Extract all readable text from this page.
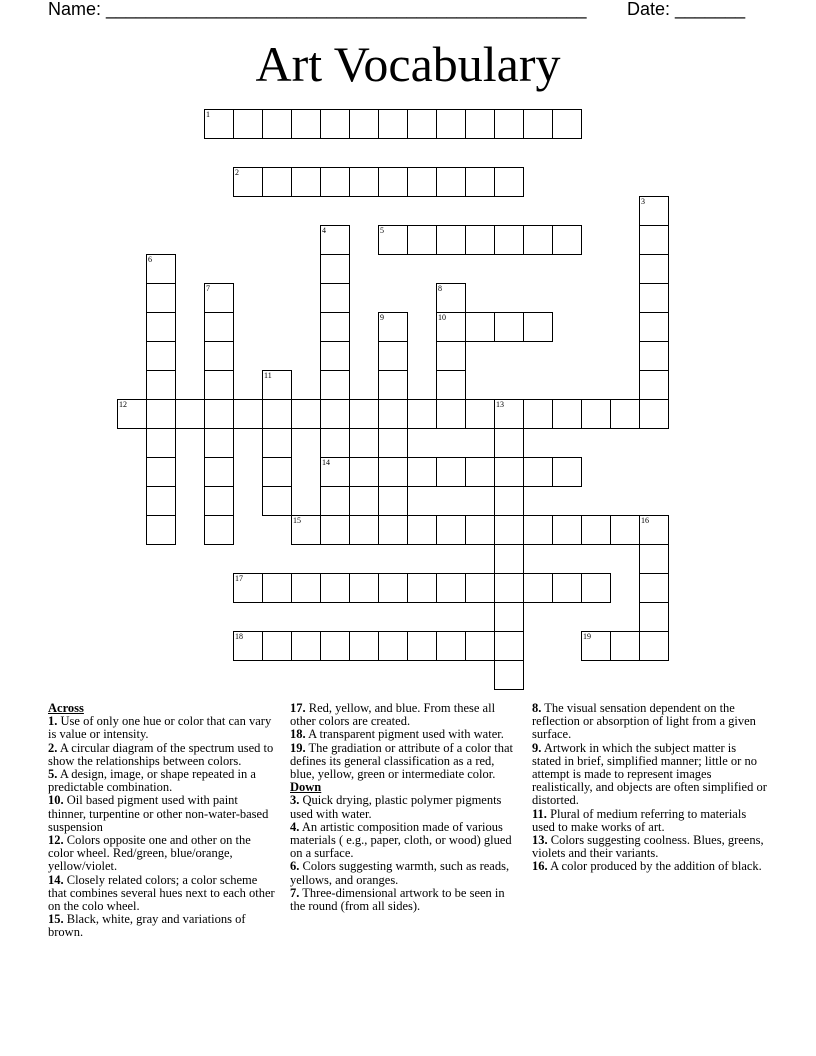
Name: ________________________________________________ Date: _______
Art Vocabulary
1
2
5
10
12	13
14
15	16
17
18	19
3
4
6
7	8
9
11

Across

1. Use of only one hue or color that can vary is value or intensity.

2. A circular diagram of the spectrum used to show the relationships between colors.

5. A design, image, or shape repeated in a predictable combination.

10. Oil based pigment used with paint thinner, turpentine or other non-water-based suspension

12. Colors opposite one and other on the color wheel. Red/green, blue/orange, yellow/violet.

14. Closely related colors; a color scheme that combines several hues next to each other on the colo wheel.

15. Black, white, gray and variations of brown.

17. Red, yellow, and blue. From these all other colors are created.

18. A transparent pigment used with water.

19. The gradiation or attribute of a color that defines its general classification as a red, blue, yellow, green or intermediate color.

Down

3. Quick drying, plastic polymer pigments used with water.

4. An artistic composition made of various materials ( e.g., paper, cloth, or wood) glued on a surface.

6. Colors suggesting warmth, such as reads, yellows, and oranges.

7. Three-dimensional artwork to be seen in the round (from all sides).

8. The visual sensation dependent on the reflection or absorption of light from a given surface.

9. Artwork in which the subject matter is stated in brief, simplified manner; little or no attempt is made to represent images realistically, and objects are often simplified or distorted.

11. Plural of medium referring to materials used to make works of art.

13. Colors suggesting coolness. Blues, greens, violets and their variants.

16. A color produced by the addition of black.
